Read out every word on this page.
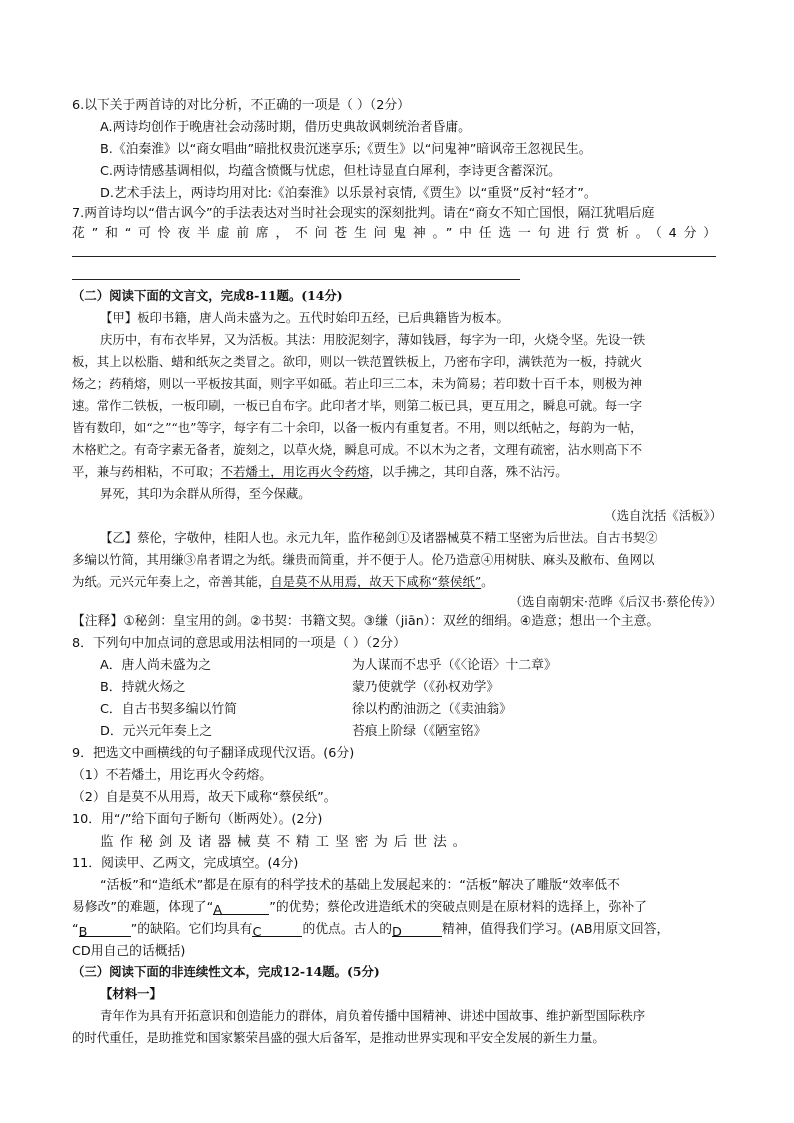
6.以下关于两首诗的对比分析，不正确的一项是（ ）（2分）
A.两诗均创作于晚唐社会动荡时期，借历史典故讽刺统治者昏庸。
B.《泊秦淮》以“商女唱曲”暗批权贵沉迷享乐;《贾生》以“问鬼神”暗讽帝王忽视民生。
C.两诗情感基调相似，均蕴含愤慨与忧虑，但杜诗显直白犀利，李诗更含蓄深沉。
D.艺术手法上，两诗均用对比:《泊秦淮》以乐景衬哀情,《贾生》以“重贤”反衬“轻才”。
7.两首诗均以“借古讽今”的手法表达对当时社会现实的深刻批判。请在“商女不知亡国恨，隔江犹唱后庭
花”和“可怜夜半虚前席，不问苍生问鬼神。”中任选一句进行赏析。（4分）
（二）阅读下面的文言文，完成8-11题。(14分)
【甲】板印书籍，唐人尚未盛为之。五代时始印五经，已后典籍皆为板本。
庆历中，有布衣毕昇，又为活板。其法：用胶泥刻字，薄如钱唇，每字为一印，火烧令坚。先设一铁
板，其上以松脂、蜡和纸灰之类冒之。欲印，则以一铁范置铁板上，乃密布字印，满铁范为一板，持就火
炀之；药稍熔，则以一平板按其面，则字平如砥。若止印三二本，未为简易；若印数十百千本，则极为神
速。常作二铁板，一板印刷，一板已自布字。此印者才毕，则第二板已具，更互用之，瞬息可就。每一字
皆有数印，如“之”“也”等字，每字有二十余印，以备一板内有重复者。不用，则以纸帖之，每韵为一帖，
木格贮之。有奇字素无备者，旋刻之，以草火烧，瞬息可成。不以木为之者，文理有疏密，沾水则高下不
平，兼与药相粘，不可取；不若燔土，用讫再火令药熔，以手拂之，其印自落，殊不沾污。
昇死，其印为余群从所得，至今保藏。
（选自沈括《活板》）
【乙】蔡伦，字敬仲，桂阳人也。永元九年，监作秘剑①及诸器械莫不精工坚密为后世法。自古书契②
多编以竹简，其用缣③帛者谓之为纸。缣贵而简重，并不便于人。伦乃造意④用树肤、麻头及敝布、鱼网以
为纸。元兴元年奏上之，帝善其能，自是莫不从用焉，故天下咸称“蔡侯纸”。
（选自南朝宋·范晔《后汉书·蔡伦传》）
【注释】①秘剑：皇宝用的剑。②书契：书籍文契。③缣（jiān）：双丝的细绢。④造意；想出一个主意。
8．下列句中加点词的意思或用法相同的一项是（ ）（2分）
A．唐人尚未盛为之	为人谋而不忠乎（《〈论语〉十二章》
B．持就火炀之	蒙乃使就学（《孙权劝学》
C．自古书契多编以竹简	徐以杓酌油沥之（《卖油翁》
D．元兴元年奏上之	苔痕上阶绿（《陋室铭》
9．把选文中画横线的句子翻译成现代汉语。(6分)
（1）不若燔土，用讫再火令药熔。
（2）自是莫不从用焉，故天下咸称“蔡侯纸”。
10．用“/”给下面句子断句（断两处）。(2分)
监作秘剑及诸器械莫不精工坚密为后世法。
11．阅读甲、乙两文，完成填空。(4分)
“活板”和“造纸术”都是在原有的科学技术的基础上发展起来的：“活板”解决了雕版“效率低不
易修改”的难题，体现了“A	”的优势；蔡伦改进造纸术的突破点则是在原材料的选择上，弥补了
“B	”的缺陷。它们均具有C	的优点。古人的D	精神，值得我们学习。(AB用原文回答，
CD用自己的话概括)
（三）阅读下面的非连续性文本，完成12-14题。(5分)
【材料一】
青年作为具有开拓意识和创造能力的群体，肩负着传播中国精神、讲述中国故事、维护新型国际秩序
的时代重任，是助推党和国家繁荣昌盛的强大后备军，是推动世界实现和平安全发展的新生力量。
